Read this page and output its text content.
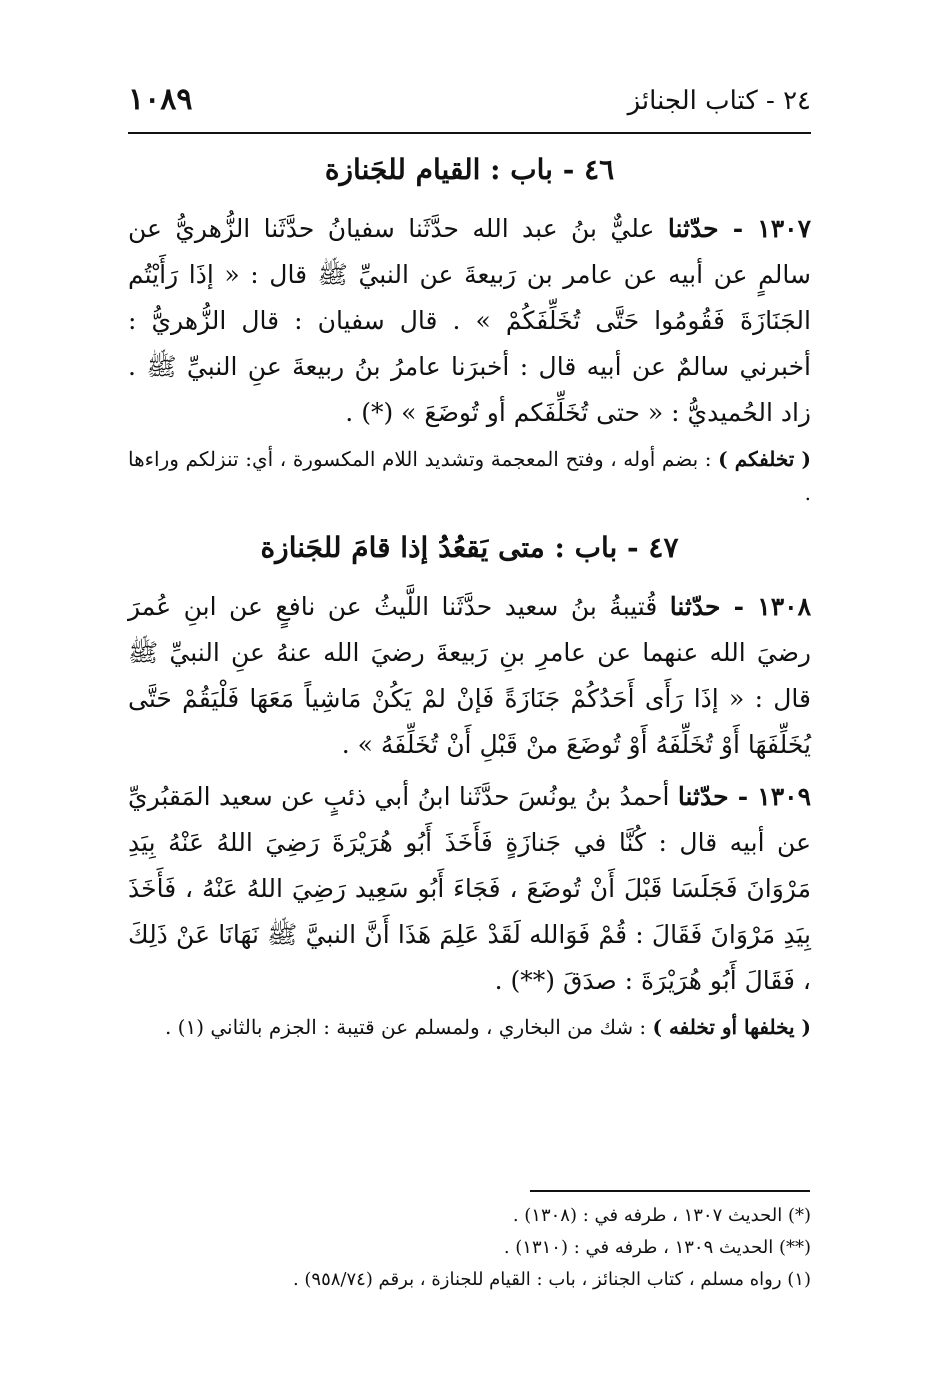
٢٤ - كتاب الجنائز
١٠٨٩
٤٦ - باب : القيام للجَنازة

١٣٠٧ - حدّثنا عليٌّ بنُ عبد الله حدَّثَنا سفيانُ حدَّثَنا الزُّهريُّ عن سالمٍ عن أبيه عن عامر بن رَبيعةَ عن النبيِّ ﷺ قال : « إذَا رَأَيْتُم الجَنَازَةَ فَقُومُوا حَتَّى تُخَلِّفَكُمْ » . قال سفيان : قال الزُّهريُّ : أخبرني سالمٌ عن أبيه قال : أخبرَنا عامرُ بنُ ربيعةَ عنِ النبيِّ ﷺ . زاد الحُميديُّ : « حتى تُخَلِّفَكم أو تُوضَعَ » (*) .

( تخلفكم ) : بضم أوله ، وفتح المعجمة وتشديد اللام المكسورة ، أي: تنزلكم وراءها .

٤٧ - باب : متى يَقعُدُ إذا قامَ للجَنازة

١٣٠٨ - حدّثنا قُتيبةُ بنُ سعيد حدَّثَنا اللَّيثُ عن نافعٍ عن ابنِ عُمرَ رضيَ الله عنهما عن عامرِ بنِ رَبيعةَ رضيَ الله عنهُ عنِ النبيِّ ﷺ قال : « إذَا رَأَى أَحَدُكُمْ جَنَازَةً فَإنْ لمْ يَكُنْ مَاشِياً مَعَهَا فَلْيَقُمْ حَتَّى يُخَلِّفَهَا أَوْ تُخَلِّفَهُ أَوْ تُوضَعَ منْ قَبْلِ أَنْ تُخَلِّفَهُ » .

١٣٠٩ - حدّثنا أحمدُ بنُ يونُسَ حدَّثَنا ابنُ أبي ذئبٍ عن سعيد المَقبُريِّ عن أبيه قال : كُنَّا في جَنازَةٍ فَأَخَذَ أَبُو هُرَيْرَةَ رَضِيَ اللهُ عَنْهُ بِيَدِ مَرْوَانَ فَجَلَسَا قَبْلَ أَنْ تُوضَعَ ، فَجَاءَ أَبُو سَعِيد رَضِيَ اللهُ عَنْهُ ، فَأَخَذَ بِيَدِ مَرْوَانَ فَقَالَ : قُمْ فَوَالله لَقَدْ عَلِمَ هَذَا أَنَّ النبيَّ ﷺ نَهَانَا عَنْ ذَلِكَ ، فَقَالَ أَبُو هُرَيْرَةَ : صدَقَ (**) .

( يخلفها أو تخلفه ) : شك من البخاري ، ولمسلم عن قتيبة : الجزم بالثاني (١) .

(*) الحديث ١٣٠٧ ، طرفه في : (١٣٠٨) .
(**) الحديث ١٣٠٩ ، طرفه في : (١٣١٠) .
(١) رواه مسلم ، كتاب الجنائز ، باب : القيام للجنازة ، برقم (٩٥٨/٧٤) .
